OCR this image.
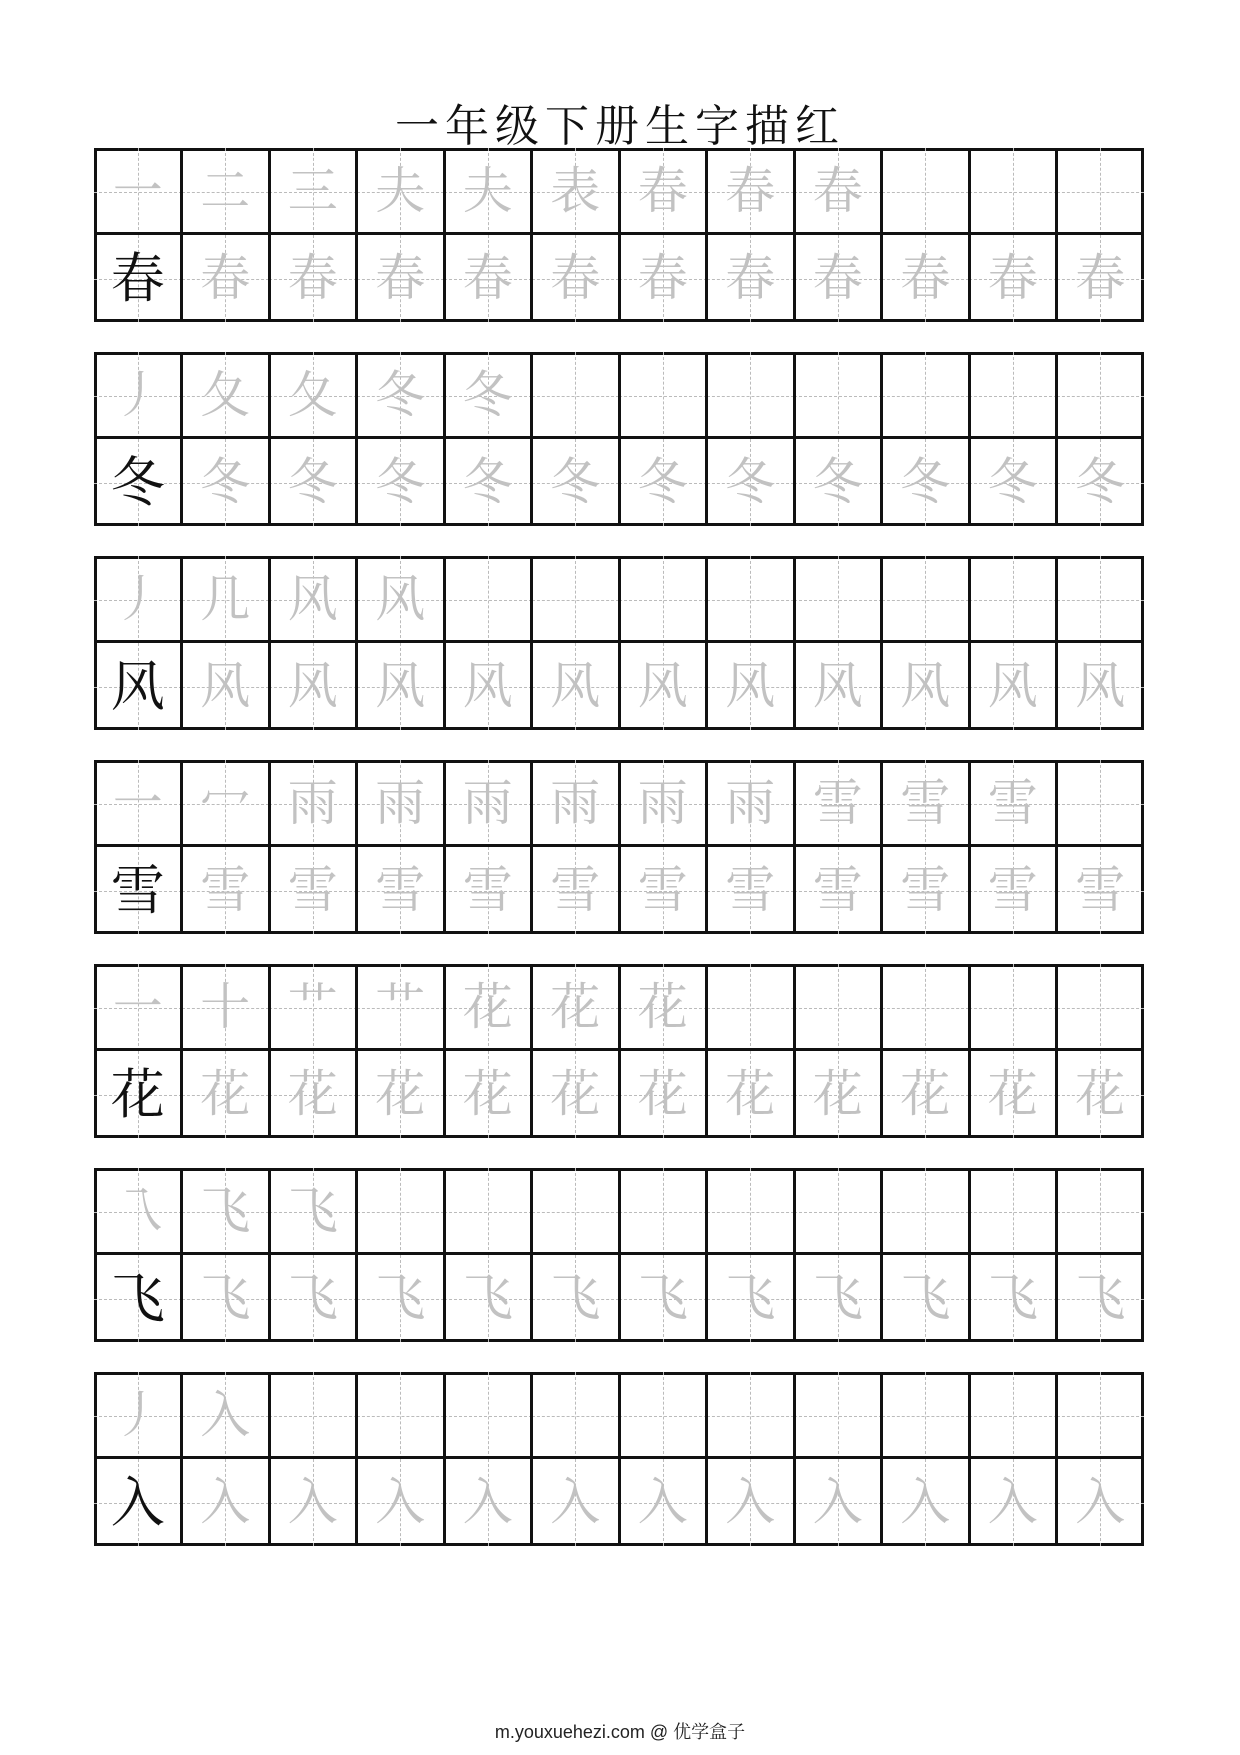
一年级下册生字描红
一 二 三 夫 夫 表 春 春 春
春 春 春 春 春 春 春 春 春 春 春 春
丿 夂 夂 冬 冬
冬 冬 冬 冬 冬 冬 冬 冬 冬 冬 冬 冬
丿 几 风 风
风 风 风 风 风 风 风 风 风 风 风 风
一 冖 雨 雨 雨 雨 雨 雨 雪 雪 雪
雪 雪 雪 雪 雪 雪 雪 雪 雪 雪 雪 雪
一 十 艹 艹 花 花 花
花 花 花 花 花 花 花 花 花 花 花 花
乁 飞 飞
飞 飞 飞 飞 飞 飞 飞 飞 飞 飞 飞 飞
丿 入
入 入 入 入 入 入 入 入 入 入 入 入
m.youxuehezi.com @ 优学盒子
